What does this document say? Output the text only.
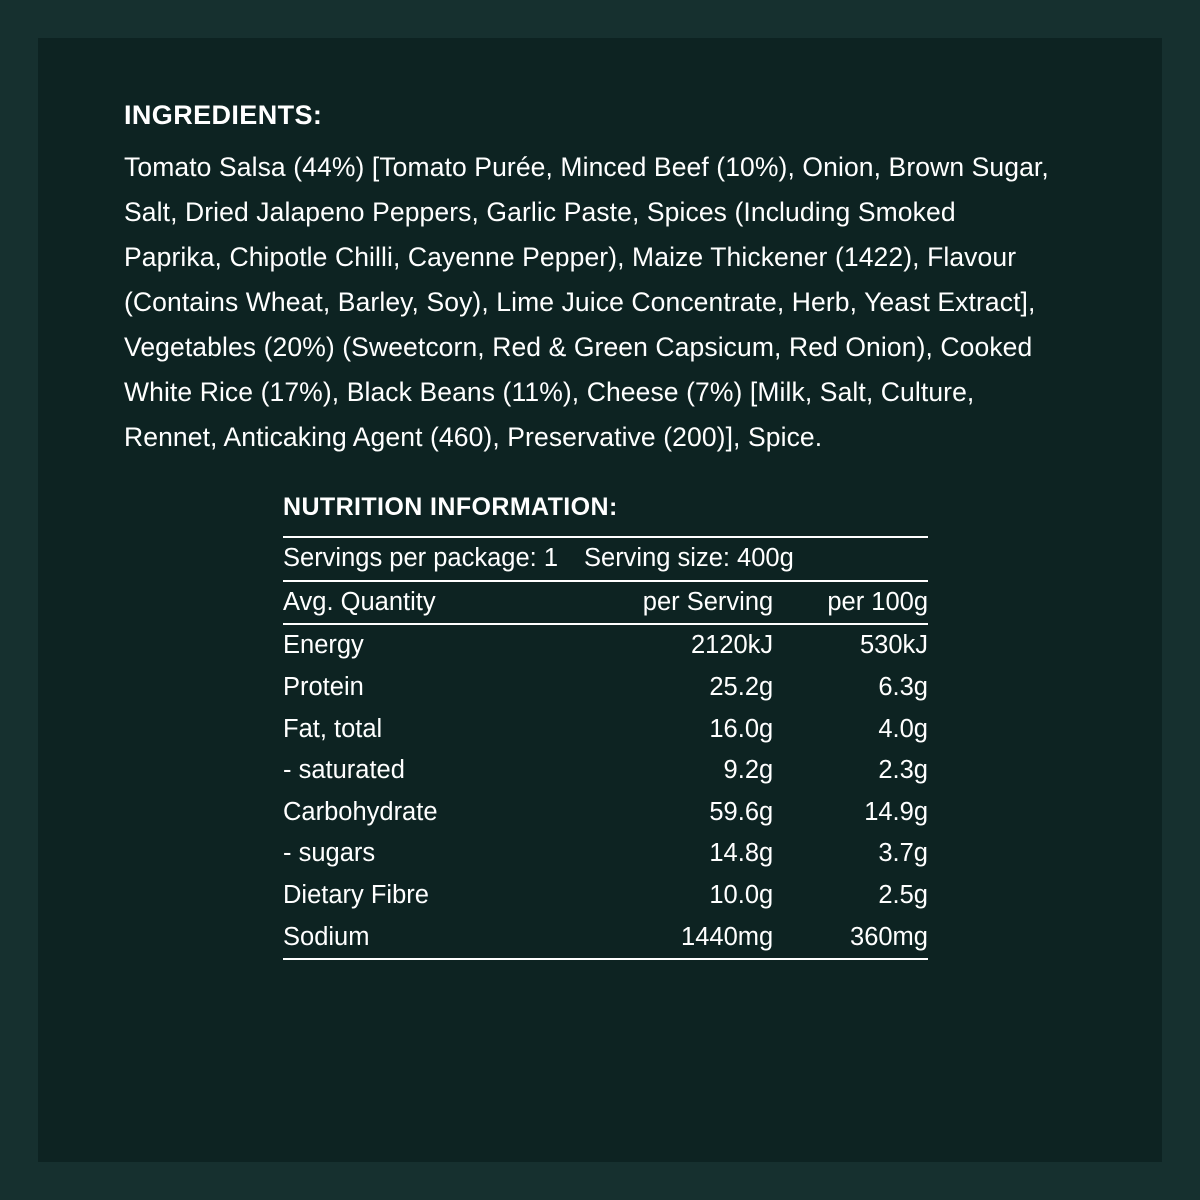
INGREDIENTS:
Tomato Salsa (44%) [Tomato Purée, Minced Beef (10%), Onion, Brown Sugar, Salt, Dried Jalapeno Peppers, Garlic Paste, Spices (Including Smoked Paprika, Chipotle Chilli, Cayenne Pepper), Maize Thickener (1422), Flavour (Contains Wheat, Barley, Soy), Lime Juice Concentrate, Herb, Yeast Extract], Vegetables (20%) (Sweetcorn, Red & Green Capsicum, Red Onion), Cooked White Rice (17%), Black Beans (11%), Cheese (7%) [Milk, Salt, Culture, Rennet, Anticaking Agent (460), Preservative (200)], Spice.
NUTRITION INFORMATION:
Servings per package: 1 Serving size: 400g		
Avg. Quantity	per Serving	per 100g
Energy	2120kJ	530kJ
Protein	25.2g	6.3g
Fat, total	16.0g	4.0g
- saturated	9.2g	2.3g
Carbohydrate	59.6g	14.9g
- sugars	14.8g	3.7g
Dietary Fibre	10.0g	2.5g
Sodium	1440mg	360mg
